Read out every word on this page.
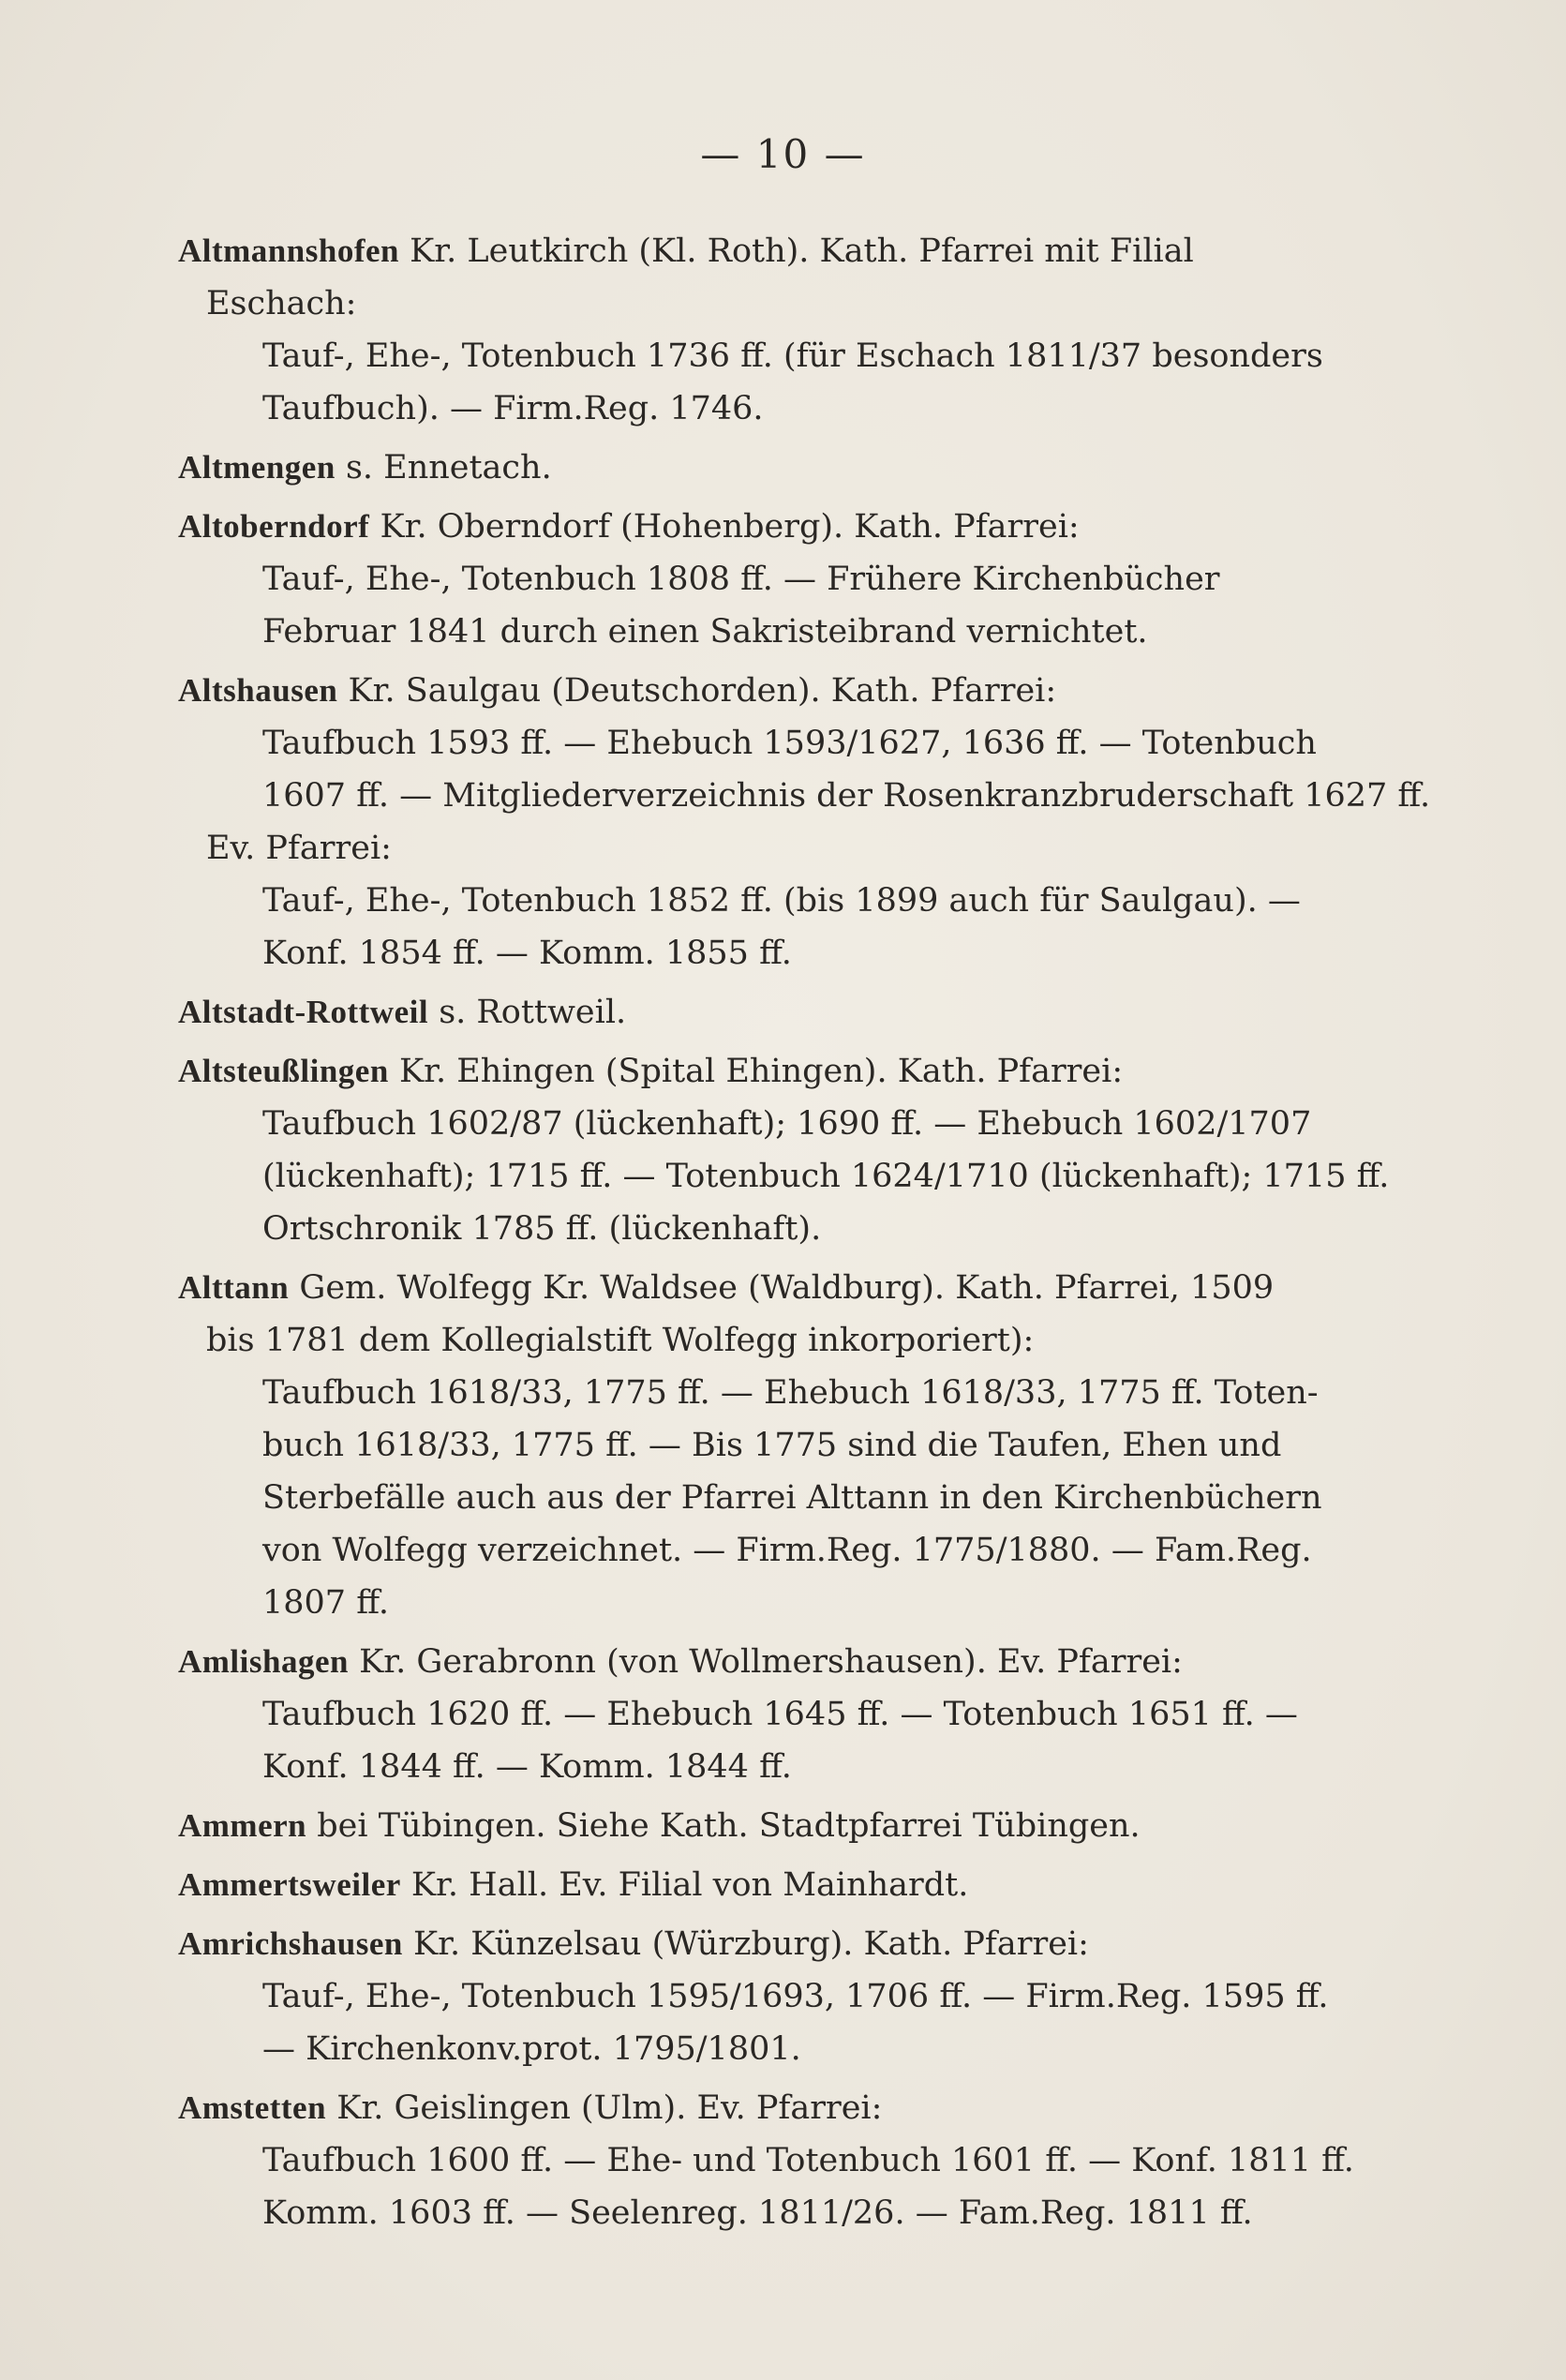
— 10 —
Altmannshofen Kr. Leutkirch (Kl. Roth). Kath. Pfarrei mit Filial
Eschach:
Tauf-, Ehe-, Totenbuch 1736 ff. (für Eschach 1811/37 besonders
Taufbuch). — Firm.Reg. 1746.
Altmengen s. Ennetach.
Altoberndorf Kr. Oberndorf (Hohenberg). Kath. Pfarrei:
Tauf-, Ehe-, Totenbuch 1808 ff. — Frühere Kirchenbücher
Februar 1841 durch einen Sakristeibrand vernichtet.
Altshausen Kr. Saulgau (Deutschorden). Kath. Pfarrei:
Taufbuch 1593 ff. — Ehebuch 1593/1627, 1636 ff. — Totenbuch
1607 ff. — Mitgliederverzeichnis der Rosenkranzbruderschaft 1627 ff.
Ev. Pfarrei:
Tauf-, Ehe-, Totenbuch 1852 ff. (bis 1899 auch für Saulgau). —
Konf. 1854 ff. — Komm. 1855 ff.
Altstadt-Rottweil s. Rottweil.
Altsteußlingen Kr. Ehingen (Spital Ehingen). Kath. Pfarrei:
Taufbuch 1602/87 (lückenhaft); 1690 ff. — Ehebuch 1602/1707
(lückenhaft); 1715 ff. — Totenbuch 1624/1710 (lückenhaft); 1715 ff.
Ortschronik 1785 ff. (lückenhaft).
Alttann Gem. Wolfegg Kr. Waldsee (Waldburg). Kath. Pfarrei, 1509
bis 1781 dem Kollegialstift Wolfegg inkorporiert):
Taufbuch 1618/33, 1775 ff. — Ehebuch 1618/33, 1775 ff. Toten-
buch 1618/33, 1775 ff. — Bis 1775 sind die Taufen, Ehen und
Sterbefälle auch aus der Pfarrei Alttann in den Kirchenbüchern
von Wolfegg verzeichnet. — Firm.Reg. 1775/1880. — Fam.Reg.
1807 ff.
Amlishagen Kr. Gerabronn (von Wollmershausen). Ev. Pfarrei:
Taufbuch 1620 ff. — Ehebuch 1645 ff. — Totenbuch 1651 ff. —
Konf. 1844 ff. — Komm. 1844 ff.
Ammern bei Tübingen. Siehe Kath. Stadtpfarrei Tübingen.
Ammertsweiler Kr. Hall. Ev. Filial von Mainhardt.
Amrichshausen Kr. Künzelsau (Würzburg). Kath. Pfarrei:
Tauf-, Ehe-, Totenbuch 1595/1693, 1706 ff. — Firm.Reg. 1595 ff.
— Kirchenkonv.prot. 1795/1801.
Amstetten Kr. Geislingen (Ulm). Ev. Pfarrei:
Taufbuch 1600 ff. — Ehe- und Totenbuch 1601 ff. — Konf. 1811 ff.
Komm. 1603 ff. — Seelenreg. 1811/26. — Fam.Reg. 1811 ff.
